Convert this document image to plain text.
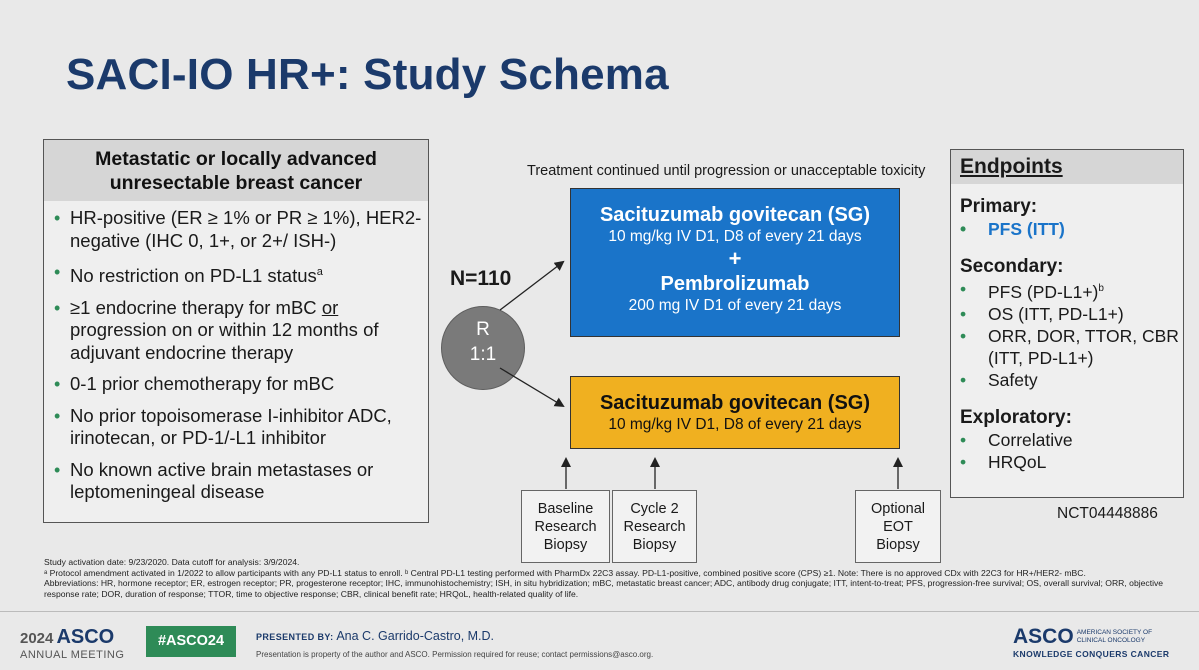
SACI-IO HR+: Study Schema
Metastatic or locally advanced unresectable breast cancer
• HR-positive (ER ≥ 1% or PR ≥ 1%), HER2-negative (IHC 0, 1+, or 2+/ ISH-)
• No restriction on PD-L1 status$^a$
• ≥1 endocrine therapy for mBC or progression on or within 12 months of adjuvant endocrine therapy
• 0-1 prior chemotherapy for mBC
• No prior topoisomerase I-inhibitor ADC, irinotecan, or PD-1/-L1 inhibitor
• No known active brain metastases or leptomeningeal disease
N=110
R
1:1
Treatment continued until progression or unacceptable toxicity
Sacituzumab govitecan (SG)
10 mg/kg IV D1, D8 of every 21 days
+
Pembrolizumab
200 mg IV D1 of every 21 days
Sacituzumab govitecan (SG)
10 mg/kg IV D1, D8 of every 21 days
Baseline
Research
Biopsy
Cycle 2
Research
Biopsy
Optional
EOT
Biopsy
Endpoints
Primary:
• PFS (ITT)
Secondary:
• PFS $(PD-L1+)^b$
• OS (ITT, PD-L1+)
• ORR, DOR, TTOR, CBR (ITT, PD-L1+)
• Safety
Exploratory:
• Correlative
• HRQoL
NCT04448886
Study activation date: 9/23/2020. Data cutoff for analysis: 3/9/2024.
ᵃ Protocol amendment activated in 1/2022 to allow participants with any PD-L1 status to enroll. ᵇ Central PD-L1 testing performed with PharmDx 22C3 assay. PD-L1-positive, combined positive score (CPS) ≥1. Note: There is no approved CDx with 22C3 for HR+/HER2- mBC.
Abbreviations: HR, hormone receptor; ER, estrogen receptor; PR, progesterone receptor; IHC, immunohistochemistry; ISH, in situ hybridization; mBC, metastatic breast cancer; ADC, antibody drug conjugate; ITT, intent-to-treat; PFS, progression-free survival; OS, overall survival; ORR, objective response rate; DOR, duration of response; TTOR, time to objective response; CBR, clinical benefit rate; HRQoL, health-related quality of life.
2024 ASCO
ANNUAL MEETING
#ASCO24	PRESENTED BY: Ana C. Garrido-Castro, M.D.
Presentation is property of the author and ASCO. Permission required for reuse; contact permissions@asco.org.
ASCO AMERICAN SOCIETY OF
CLINICAL ONCOLOGY
KNOWLEDGE CONQUERS CANCER
